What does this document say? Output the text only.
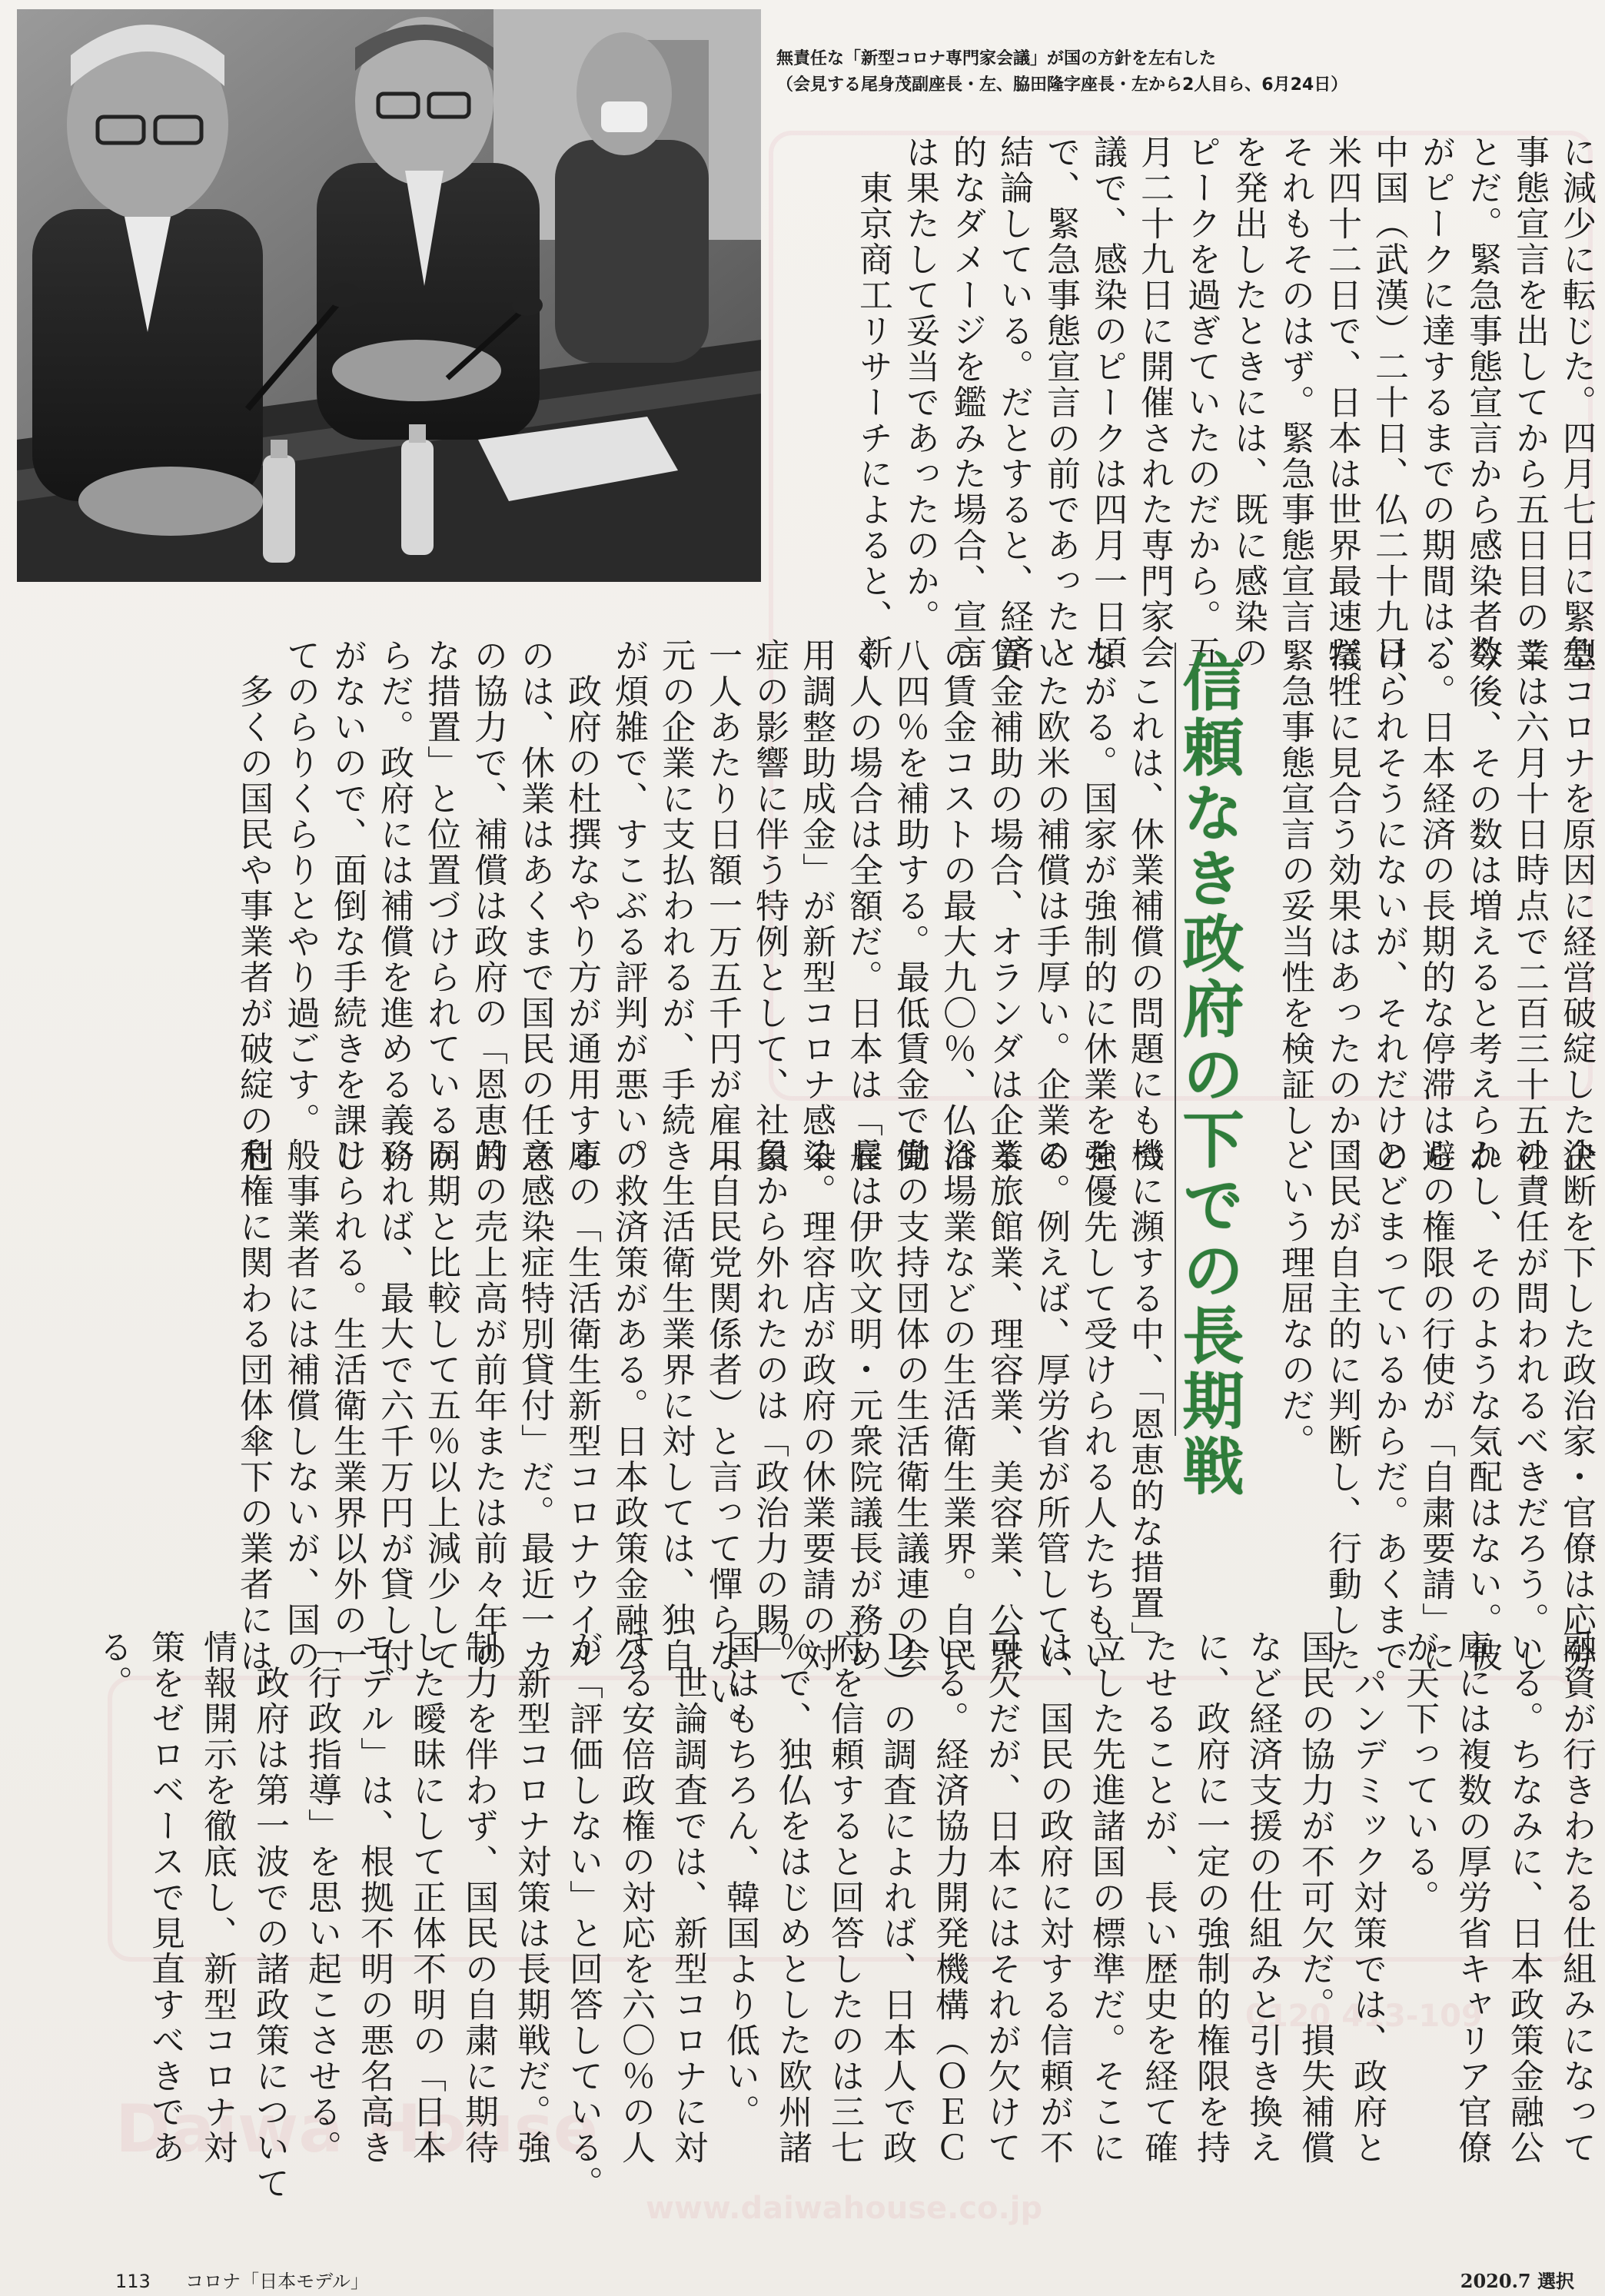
Daiwa House
www.daiwahouse.co.jp
0120 413-109
無責任な「新型コロナ専門家会議」が国の方針を左右した
（会見する尾身茂副座長・左、脇田隆字座長・左から2人目ら、6月24日）
に減少に転じた。四月七日に緊急
事態宣言を出してから五日目のこ
とだ。緊急事態宣言から感染者数
がピークに達するまでの期間は、
中国（武漢）二十日、仏二十九日、
米四十二日で、日本は世界最速だ。
それもそのはず。緊急事態宣言
を発出したときには、既に感染の
ピークを過ぎていたのだから。五
月二十九日に開催された専門家会
議で、感染のピークは四月一日頃
で、緊急事態宣言の前であったと
結論している。だとすると、経済
的なダメージを鑑みた場合、宣言
は果たして妥当であったのか。
　東京商工リサーチによると、新
型コロナを原因に経営破綻した企
業は六月十日時点で二百三十五社。
今後、その数は増えると考えられ
る。日本経済の長期的な停滞は避
けられそうにないが、それだけの
犠牲に見合う効果はあったのか。
緊急事態宣言の妥当性を検証し、
信頼なき政府の下での長期戦
　これは、休業補償の問題にもつ
ながる。国家が強制的に休業を強
いた欧米の補償は手厚い。企業の
賃金補助の場合、オランダは企業
の賃金コストの最大九〇％、仏は
八四％を補助する。最低賃金で働
く人の場合は全額だ。日本は「雇
用調整助成金」が新型コロナ感染
症の影響に伴う特例として、社員
一人あたり日額一万五千円が雇用
元の企業に支払われるが、手続き
が煩雑で、すこぶる評判が悪い。
　政府の杜撰なやり方が通用する
のは、休業はあくまで国民の任意
の協力で、補償は政府の「恩恵的
な措置」と位置づけられているか
らだ。政府には補償を進める義務
がないので、面倒な手続きを課し
てのらりくらりとやり過ごす。
　多くの国民や事業者が破綻の危
という理屈なのだ。	決断を下した政治家・官僚は応分
の責任が問われるべきだろう。し
かし、そのような気配はない。彼
らの権限の行使が「自粛要請」に
とどまっているからだ。あくまで
国民が自主的に判断し、行動した
機に瀕する中、「恩恵的な措置」
を優先して受けられる人たちもい
る。例えば、厚労省が所管してい
る旅館業、理容業、美容業、公衆
浴場業などの生活衛生業界。自民
党の支持団体の生活衛生議連の会
長は伊吹文明・元衆院議長が務め
る。理容店が政府の休業要請の対
象から外れたのは「政治力の賜」
（自民党関係者）と言って憚らない。
　生活衛生業界に対しては、独自
の救済策がある。日本政策金融公
庫の「生活衛生新型コロナウイル
ス感染症特別貸付」だ。最近一カ
月の売上高が前年または前々年の
同期と比較して五％以上減少して
いれば、最大で六千万円が貸し付
けられる。生活衛生業界以外の一
般事業者には補償しないが、国の
利権に関わる団体傘下の業者には、
融資が行きわたる仕組みになって
いる。ちなみに、日本政策金融公
庫には複数の厚労省キャリア官僚
が天下っている。
　パンデミック対策では、政府と
国民の協力が不可欠だ。損失補償
など経済支援の仕組みと引き換え
に、政府に一定の強制的権限を持
たせることが、長い歴史を経て確
立した先進諸国の標準だ。そこに
は、国民の政府に対する信頼が不
可欠だが、日本にはそれが欠けて
いる。経済協力開発機構（ＯＥＣ
Ｄ）の調査によれば、日本人で政
府を信頼すると回答したのは三七
％で、独仏をはじめとした欧州諸
国はもちろん、韓国より低い。
　世論調査では、新型コロナに対
する安倍政権の対応を六〇％の人
が「評価しない」と回答している。
　新型コロナ対策は長期戦だ。強
制力を伴わず、国民の自粛に期待
した曖昧にして正体不明の「日本
モデル」は、根拠不明の悪名高き
「行政指導」を思い起こさせる。
　政府は第一波での諸政策について
情報開示を徹底し、新型コロナ対
策をゼロベースで見直すべきであ
る。
113 コロナ「日本モデル」	2020.7 選択
